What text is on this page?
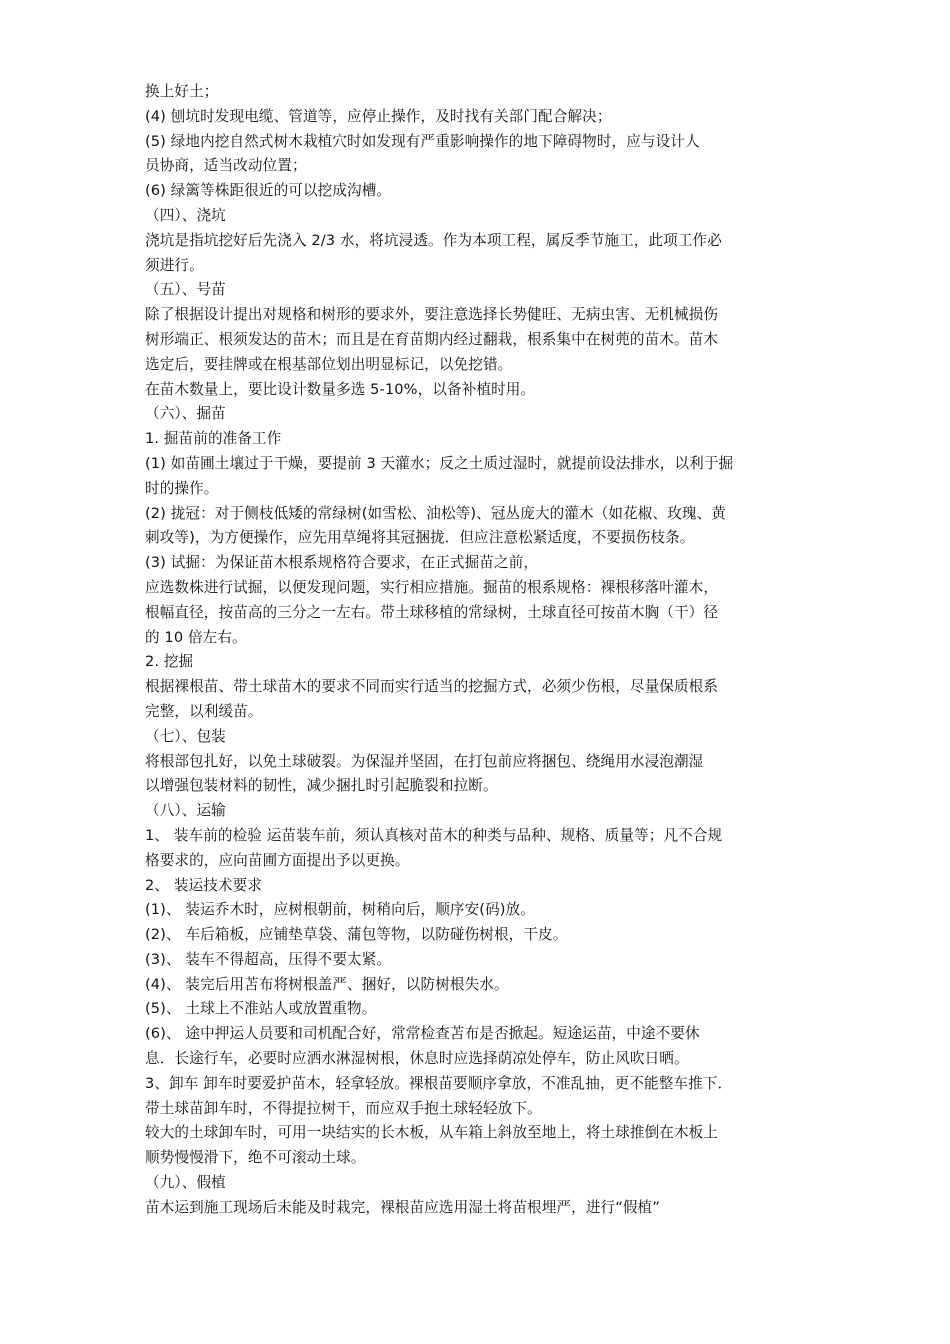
换上好土；
(4) 刨坑时发现电缆、管道等，应停止操作，及时找有关部门配合解决；
(5) 绿地内挖自然式树木栽植穴时如发现有严重影响操作的地下障碍物时，应与设计人
员协商，适当改动位置；
(6) 绿篱等株距很近的可以挖成沟槽。
（四）、浇坑
浇坑是指坑挖好后先浇入 2/3 水，将坑浸透。作为本项工程，属反季节施工，此项工作必
须进行。
（五）、号苗
除了根据设计提出对规格和树形的要求外，要注意选择长势健旺、无病虫害、无机械损伤
树形端正、根须发达的苗木；而且是在育苗期内经过翻栽，根系集中在树蔸的苗木。苗木
选定后，要挂牌或在根基部位划出明显标记，以免挖错。
在苗木数量上，要比设计数量多选 5-10%，以备补植时用。
（六）、掘苗
1. 掘苗前的准备工作
(1) 如苗圃土壤过于干燥，要提前 3 天灌水；反之土质过湿时，就提前设法排水，以利于掘
时的操作。
(2) 拢冠：对于侧枝低矮的常绿树(如雪松、油松等)、冠丛庞大的灌木（如花椒、玫瑰、黄
刺攻等)，为方便操作，应先用草绳将其冠捆拢．但应注意松紧适度，不要损伤枝条。
(3) 试掘：为保证苗木根系规格符合要求，在正式掘苗之前，
应选数株进行试掘，以便发现问题，实行相应措施。掘苗的根系规格：裸根移落叶灌木，
根幅直径，按苗高的三分之一左右。带土球移植的常绿树，土球直径可按苗木胸（干）径
的 10 倍左右。
2. 挖掘
根据裸根苗、带土球苗木的要求不同而实行适当的挖掘方式，必须少伤根，尽量保质根系
完整，以利缓苗。
（七）、包装
将根部包扎好，以免土球破裂。为保湿并坚固，在打包前应将捆包、绕绳用水浸泡潮湿
以增强包装材料的韧性，减少捆扎时引起脆裂和拉断。
（八）、运输
1、 装车前的检验 运苗装车前，须认真核对苗木的种类与品种、规格、质量等；凡不合规
格要求的，应向苗圃方面提出予以更换。
2、 装运技术要求
(1)、 装运乔木时，应树根朝前，树稍向后，顺序安(码)放。
(2)、 车后箱板，应铺垫草袋、蒲包等物，以防碰伤树根，干皮。
(3)、 装车不得超高，压得不要太紧。
(4)、 装完后用苫布将树根盖严、捆好，以防树根失水。
(5)、 土球上不准站人或放置重物。
(6)、 途中押运人员要和司机配合好，常常检查苫布是否掀起。短途运苗，中途不要休
息．长途行车，必要时应洒水淋湿树根，休息时应选择荫凉处停车，防止风吹日晒。
3、卸车 卸车时要爱护苗木，轻拿轻放。裸根苗要顺序拿放，不准乱抽，更不能整车推下．
带土球苗卸车时，不得提拉树干，而应双手抱土球轻轻放下。
较大的土球卸车时，可用一块结实的长木板，从车箱上斜放至地上，将土球推倒在木板上
顺势慢慢滑下，绝不可滚动土球。
（九）、假植
苗木运到施工现场后未能及时栽完，裸根苗应选用湿土将苗根埋严，进行“假植”
